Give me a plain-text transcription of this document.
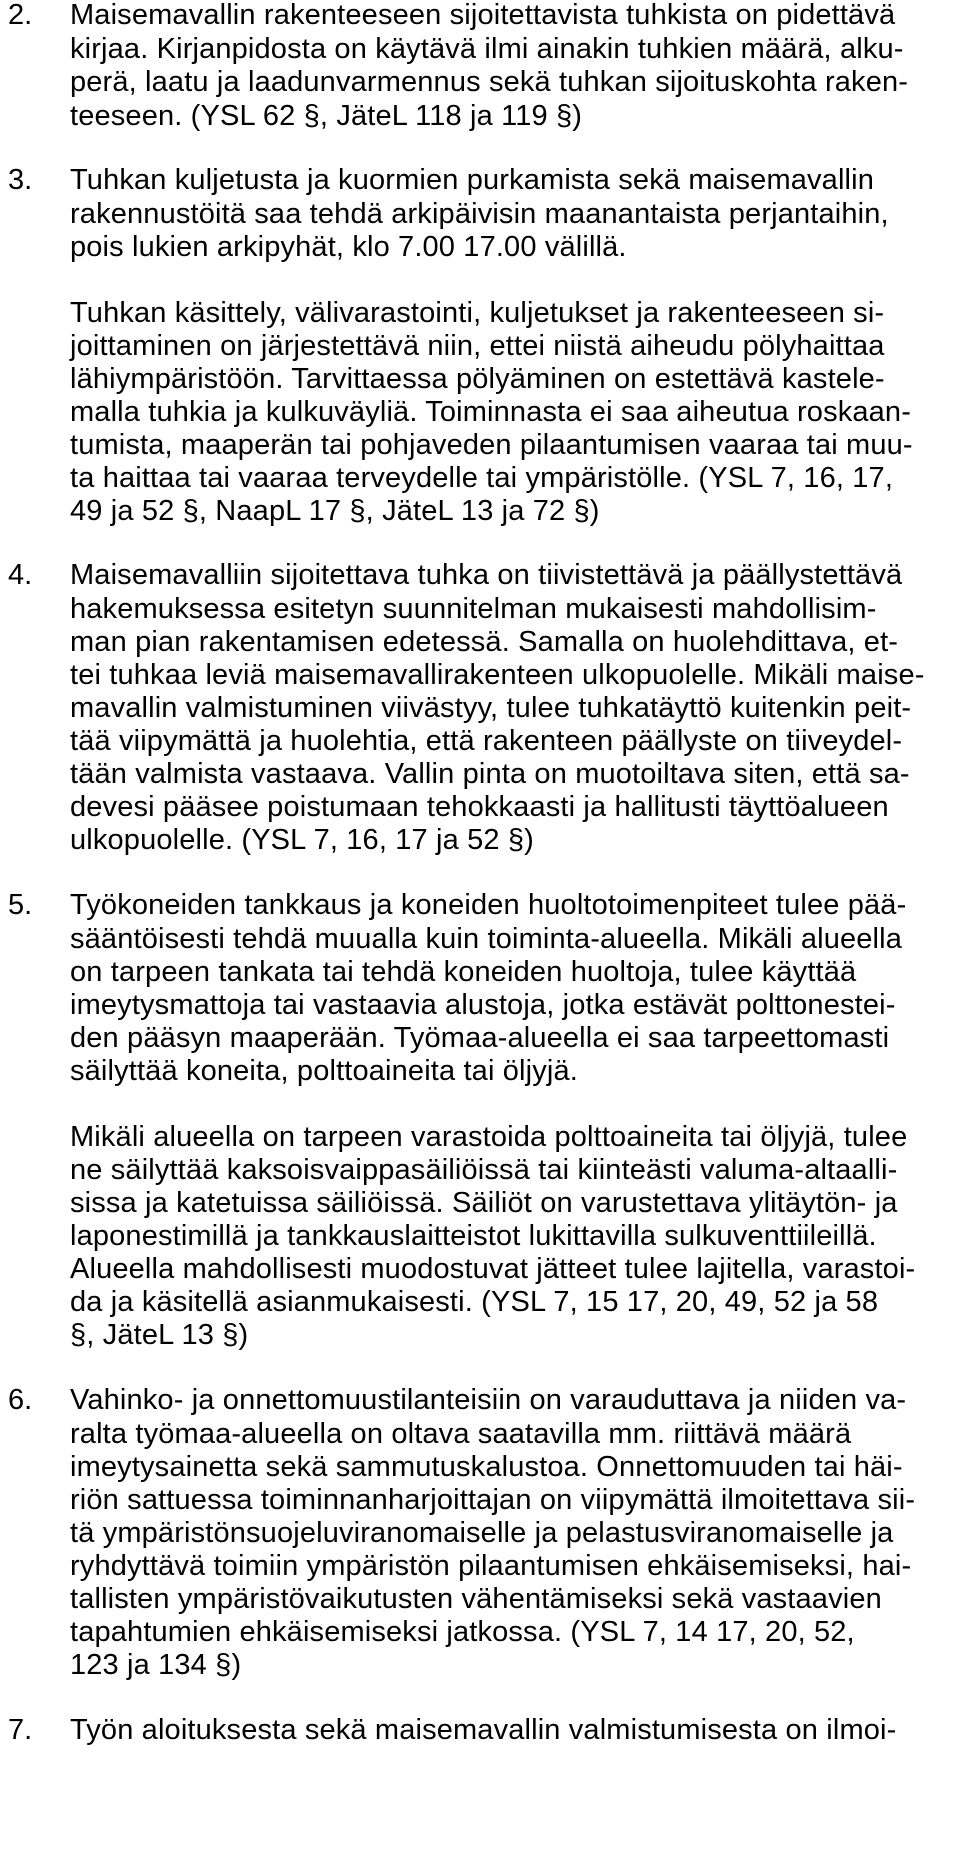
2. Maisemavallin rakenteeseen sijoitettavista tuhkista on pidettävä
kirjaa. Kirjanpidosta on käytävä ilmi ainakin tuhkien määrä, alku-
perä, laatu ja laadunvarmennus sekä tuhkan sijoituskohta raken-
teeseen. (YSL 62 §, JäteL 118 ja 119 §)
3. Tuhkan kuljetusta ja kuormien purkamista sekä maisemavallin
rakennustöitä saa tehdä arkipäivisin maanantaista perjantaihin,
pois lukien arkipyhät, klo 7.00 17.00 välillä.
Tuhkan käsittely, välivarastointi, kuljetukset ja rakenteeseen si-
joittaminen on järjestettävä niin, ettei niistä aiheudu pölyhaittaa
lähiympäristöön. Tarvittaessa pölyäminen on estettävä kastele-
malla tuhkia ja kulkuväyliä. Toiminnasta ei saa aiheutua roskaan-
tumista, maaperän tai pohjaveden pilaantumisen vaaraa tai muu-
ta haittaa tai vaaraa terveydelle tai ympäristölle. (YSL 7, 16, 17,
49 ja 52 §, NaapL 17 §, JäteL 13 ja 72 §)
4. Maisemavalliin sijoitettava tuhka on tiivistettävä ja päällystettävä
hakemuksessa esitetyn suunnitelman mukaisesti mahdollisim-
man pian rakentamisen edetessä. Samalla on huolehdittava, et-
tei tuhkaa leviä maisemavallirakenteen ulkopuolelle. Mikäli maise-
mavallin valmistuminen viivästyy, tulee tuhkatäyttö kuitenkin peit-
tää viipymättä ja huolehtia, että rakenteen päällyste on tiiveydel-
tään valmista vastaava. Vallin pinta on muotoiltava siten, että sa-
devesi pääsee poistumaan tehokkaasti ja hallitusti täyttöalueen
ulkopuolelle. (YSL 7, 16, 17 ja 52 §)
5. Työkoneiden tankkaus ja koneiden huoltotoimenpiteet tulee pää-
sääntöisesti tehdä muualla kuin toiminta-alueella. Mikäli alueella
on tarpeen tankata tai tehdä koneiden huoltoja, tulee käyttää
imeytysmattoja tai vastaavia alustoja, jotka estävät polttonestei-
den pääsyn maaperään. Työmaa-alueella ei saa tarpeettomasti
säilyttää koneita, polttoaineita tai öljyjä.
Mikäli alueella on tarpeen varastoida polttoaineita tai öljyjä, tulee
ne säilyttää kaksoisvaippasäiliöissä tai kiinteästi valuma-altaalli-
sissa ja katetuissa säiliöissä. Säiliöt on varustettava ylitäytön- ja
laponestimillä ja tankkauslaitteistot lukittavilla sulkuventtiileillä.
Alueella mahdollisesti muodostuvat jätteet tulee lajitella, varastoi-
da ja käsitellä asianmukaisesti. (YSL 7, 15 17, 20, 49, 52 ja 58
§, JäteL 13 §)
6. Vahinko- ja onnettomuustilanteisiin on varauduttava ja niiden va-
ralta työmaa-alueella on oltava saatavilla mm. riittävä määrä
imeytysainetta sekä sammutuskalustoa. Onnettomuuden tai häi-
riön sattuessa toiminnanharjoittajan on viipymättä ilmoitettava sii-
tä ympäristönsuojeluviranomaiselle ja pelastusviranomaiselle ja
ryhdyttävä toimiin ympäristön pilaantumisen ehkäisemiseksi, hai-
tallisten ympäristövaikutusten vähentämiseksi sekä vastaavien
tapahtumien ehkäisemiseksi jatkossa. (YSL 7, 14 17, 20, 52,
123 ja 134 §)
7. Työn aloituksesta sekä maisemavallin valmistumisesta on ilmoi-
